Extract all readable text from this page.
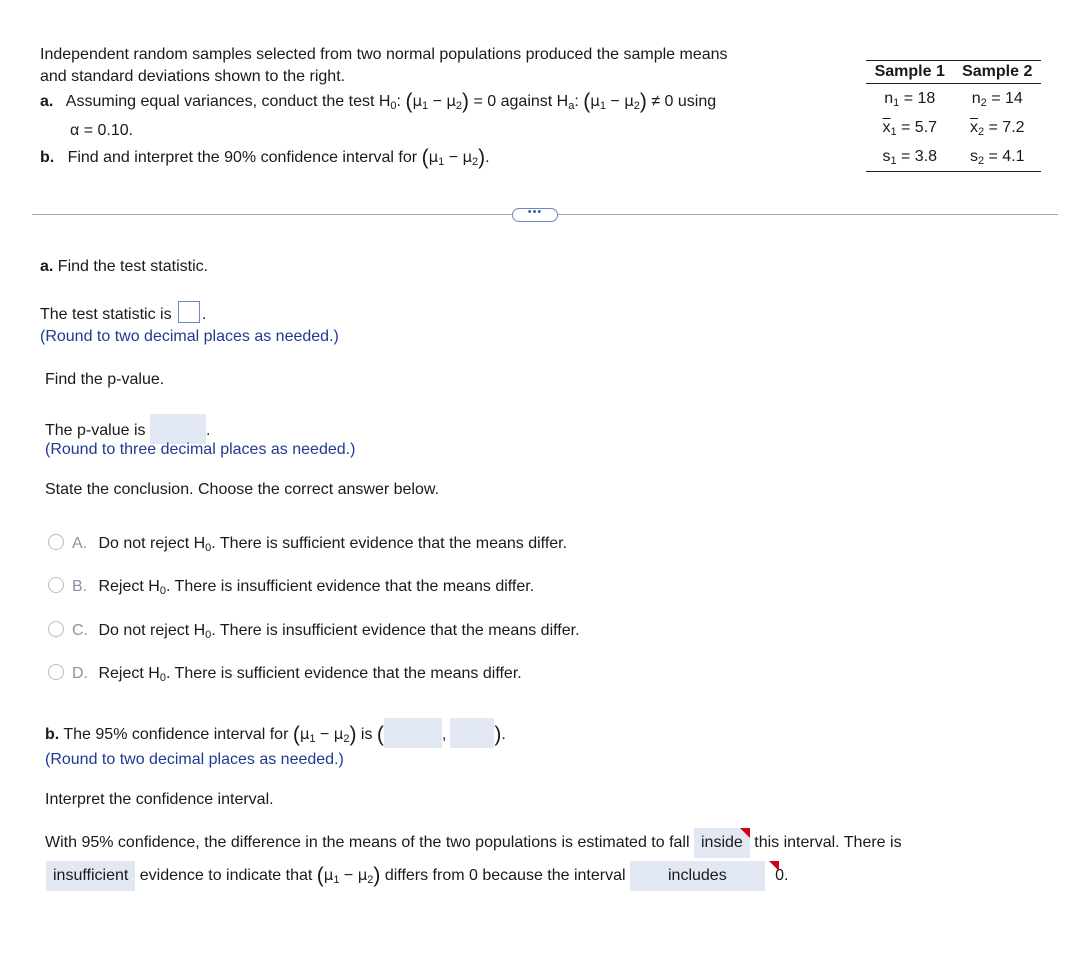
Independent random samples selected from two normal populations produced the sample means
and standard deviations shown to the right.
a. Assuming equal variances, conduct the test $H_0$: $(\mu_1 - \mu_2) = 0$ against $H_a$: $(\mu_1 - \mu_2) \ne 0$ using
α = 0.10.
b. Find and interpret the 90% confidence interval for $(\mu_1 - \mu_2)$.
Sample 1	Sample 2
$n_1 = 18$	$n_2 = 14$
$\overline{x}_1 = 5.7$	$\overline{x}_2 = 7.2$
$s_1 = 3.8$	$s_2 = 4.1$
•••
a. Find the test statistic.
The test statistic is .
(Round to two decimal places as needed.)
Find the p-value.
The p-value is	.
(Round to three decimal places as needed.)
State the conclusion. Choose the correct answer below.
A. Do not reject $H_0$. There is sufficient evidence that the means differ.
B. Reject $H_0$. There is insufficient evidence that the means differ.
C. Do not reject $H_0$. There is insufficient evidence that the means differ.
D. Reject $H_0$. There is sufficient evidence that the means differ.
b. The 95% confidence interval for $(\mu_1 - \mu_2)$ is (	, ).
(Round to two decimal places as needed.)
Interpret the confidence interval.
With 95% confidence, the difference in the means of the two populations is estimated to fall inside this interval. There is
insufficient evidence to indicate that $(\mu_1 - \mu_2)$ differs from 0 because the interval	includes	0.
